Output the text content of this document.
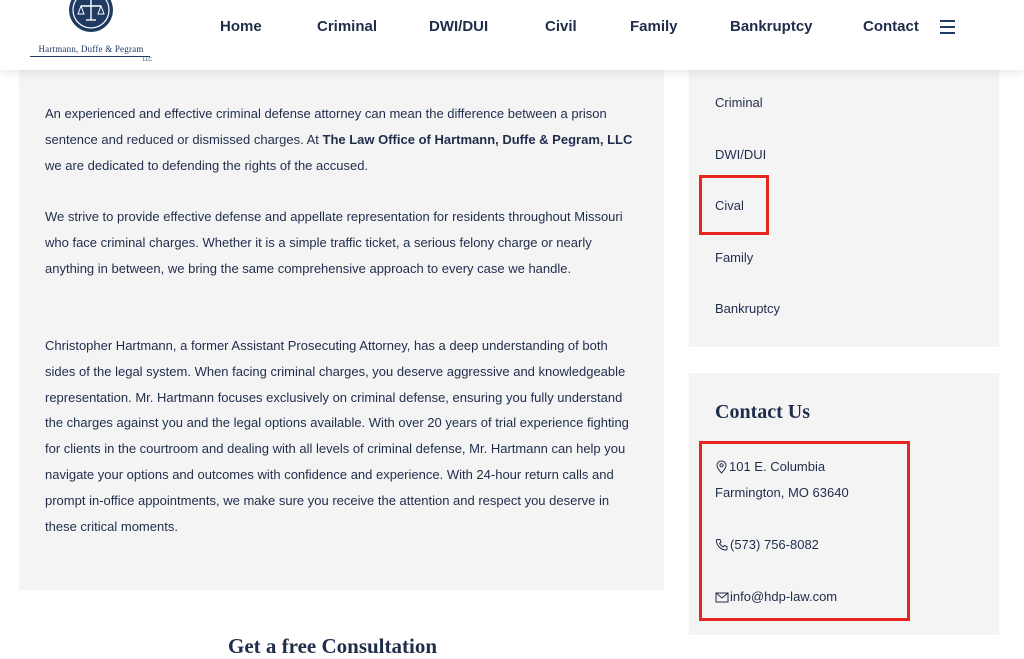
Hartmann, Duffe & Pegram
LLC
Home	Criminal	DWI/DUI	Civil	Family	Bankruptcy	Contact

An experienced and effective criminal defense attorney can mean the difference between a prison sentence and reduced or dismissed charges. At The Law Office of Hartmann, Duffe & Pegram, LLC we are dedicated to defending the rights of the accused.

We strive to provide effective defense and appellate representation for residents throughout Missouri who face criminal charges. Whether it is a simple traffic ticket, a serious felony charge or nearly anything in between, we bring the same comprehensive approach to every case we handle.

Christopher Hartmann, a former Assistant Prosecuting Attorney, has a deep understanding of both sides of the legal system. When facing criminal charges, you deserve aggressive and knowledgeable representation. Mr. Hartmann focuses exclusively on criminal defense, ensuring you fully understand the charges against you and the legal options available. With over 20 years of trial experience fighting for clients in the courtroom and dealing with all levels of criminal defense, Mr. Hartmann can help you navigate your options and outcomes with confidence and experience. With 24-hour return calls and prompt in-office appointments, we make sure you receive the attention and respect you deserve in these critical moments.

Get a free Consultation
Criminal
DWI/DUI
Cival
Family
Bankruptcy
Contact Us
101 E. Columbia
Farmington, MO 63640
(573) 756-8082
info@hdp-law.com
